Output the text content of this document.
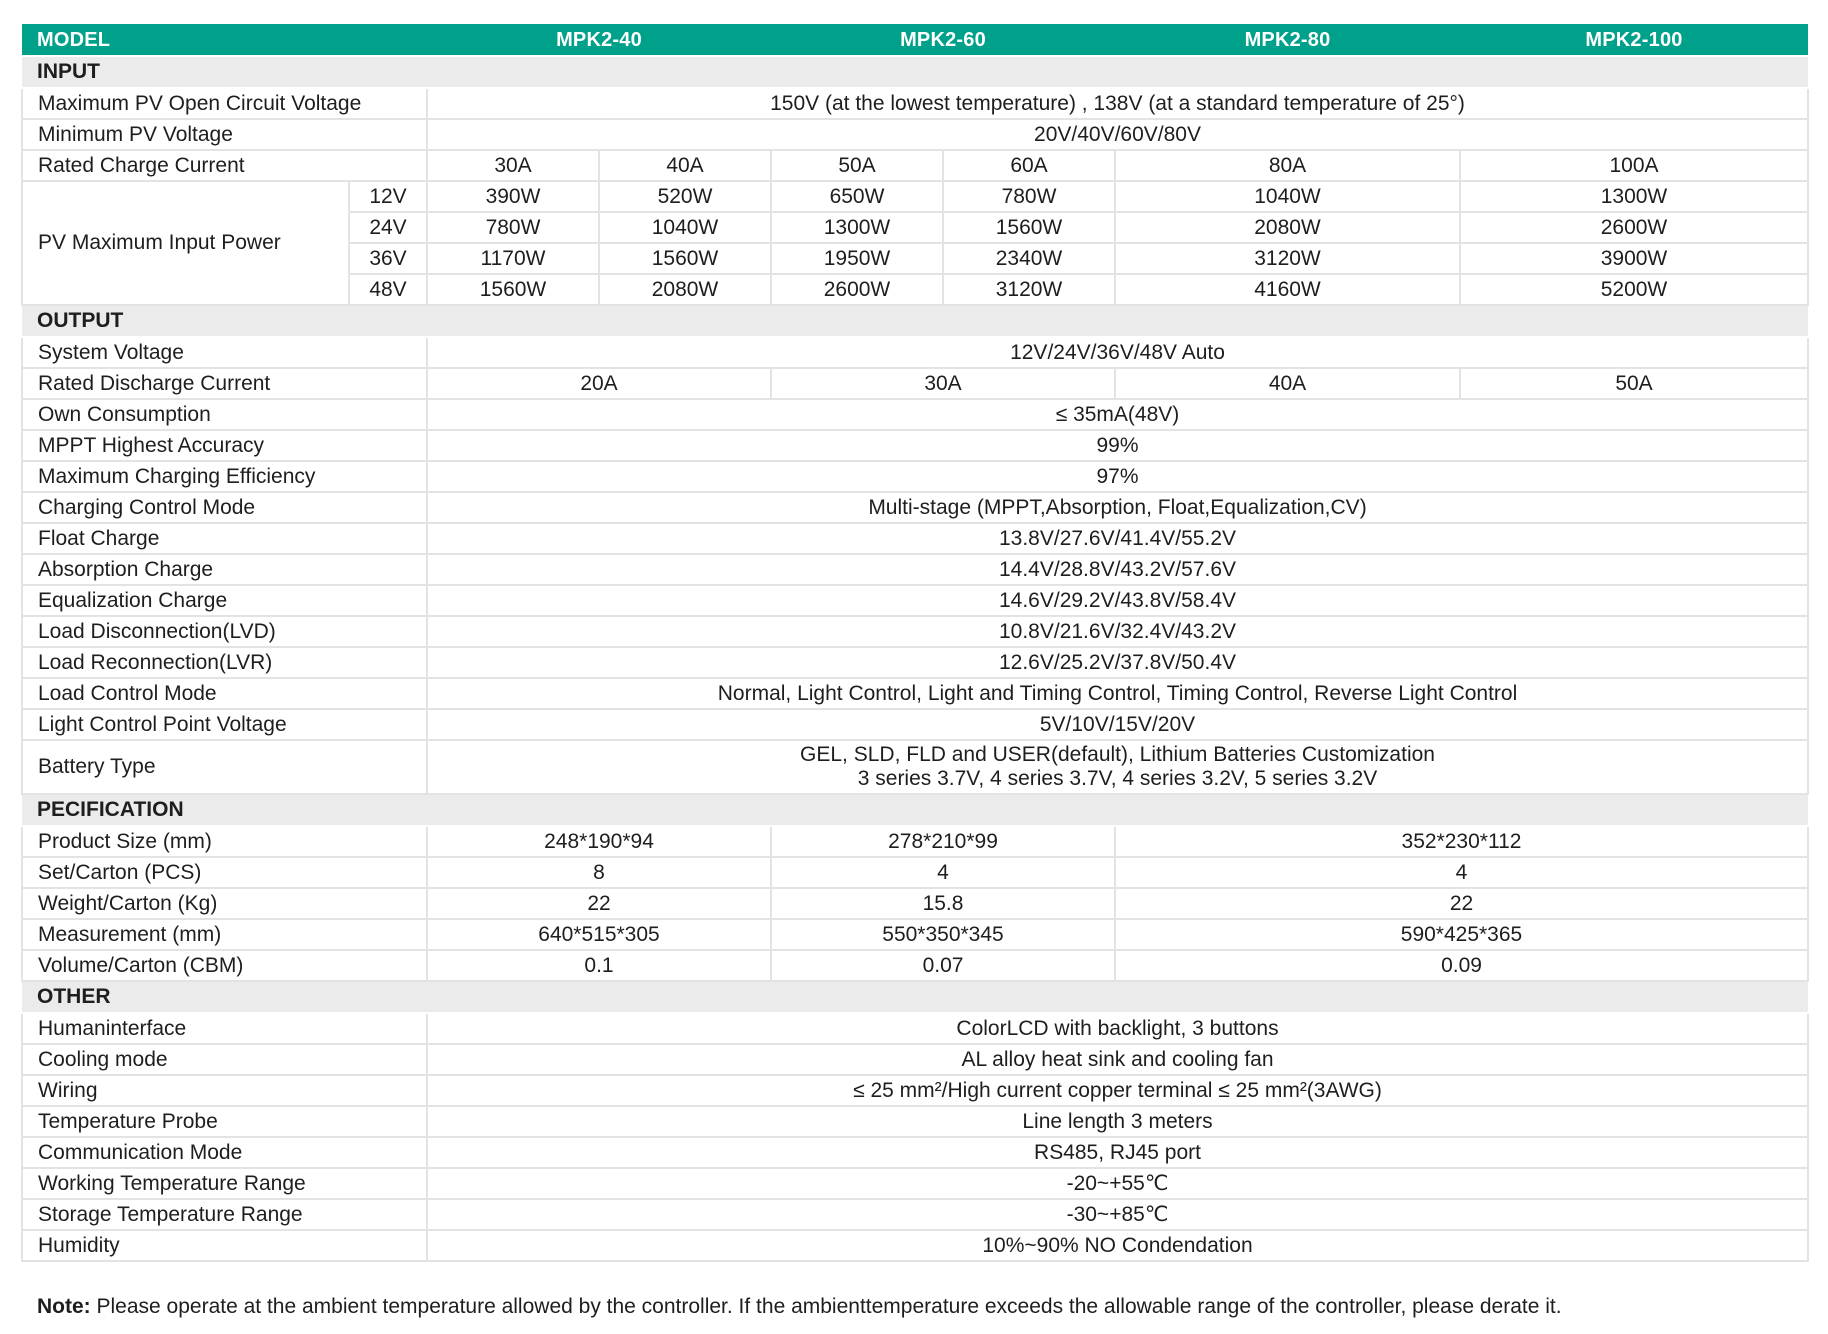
MODEL		MPK2-40		MPK2-60		MPK2-80	MPK2-100
INPUT							
Maximum PV Open Circuit Voltage		150V (at the lowest temperature) , 138V (at a standard temperature of 25°)					
Minimum PV Voltage		20V/40V/60V/80V					
Rated Charge Current		30A	40A	50A	60A	80A	100A
PV Maximum Input Power	12V	390W	520W	650W	780W	1040W	1300W
	24V	780W	1040W	1300W	1560W	2080W	2600W
	36V	1170W	1560W	1950W	2340W	3120W	3900W
	48V	1560W	2080W	2600W	3120W	4160W	5200W
OUTPUT							
System Voltage		12V/24V/36V/48V Auto					
Rated Discharge Current		20A		30A		40A	50A
Own Consumption		≤ 35mA(48V)					
MPPT Highest Accuracy		99%					
Maximum Charging Efficiency		97%					
Charging Control Mode		Multi-stage (MPPT,Absorption, Float,Equalization,CV)					
Float Charge		13.8V/27.6V/41.4V/55.2V					
Absorption Charge		14.4V/28.8V/43.2V/57.6V					
Equalization Charge		14.6V/29.2V/43.8V/58.4V					
Load Disconnection(LVD)		10.8V/21.6V/32.4V/43.2V					
Load Reconnection(LVR)		12.6V/25.2V/37.8V/50.4V					
Load Control Mode		Normal, Light Control, Light and Timing Control, Timing Control, Reverse Light Control					
Light Control Point Voltage		5V/10V/15V/20V					
Battery Type		GEL, SLD, FLD and USER(default), Lithium Batteries Customization
3 series 3.7V, 4 series 3.7V, 4 series 3.2V, 5 series 3.2V					

PECIFICATION							
Product Size (mm)		248*190*94		278*210*99		352*230*112	
Set/Carton (PCS)		8		4		4	
Weight/Carton (Kg)		22		15.8		22	
Measurement (mm)		640*515*305		550*350*345		590*425*365	
Volume/Carton (CBM)		0.1		0.07		0.09	
OTHER							
Humaninterface		ColorLCD with backlight, 3 buttons					
Cooling mode		AL alloy heat sink and cooling fan					
Wiring		≤ 25 mm²/High current copper terminal ≤ 25 mm²(3AWG)					
Temperature Probe		Line length 3 meters					
Communication Mode		RS485, RJ45 port					
Working Temperature Range		-20~+55℃					
Storage Temperature Range		-30~+85℃					
Humidity		10%~90% NO Condendation					
Note: Please operate at the ambient temperature allowed by the controller. If the ambienttemperature exceeds the allowable range of the controller, please derate it.
